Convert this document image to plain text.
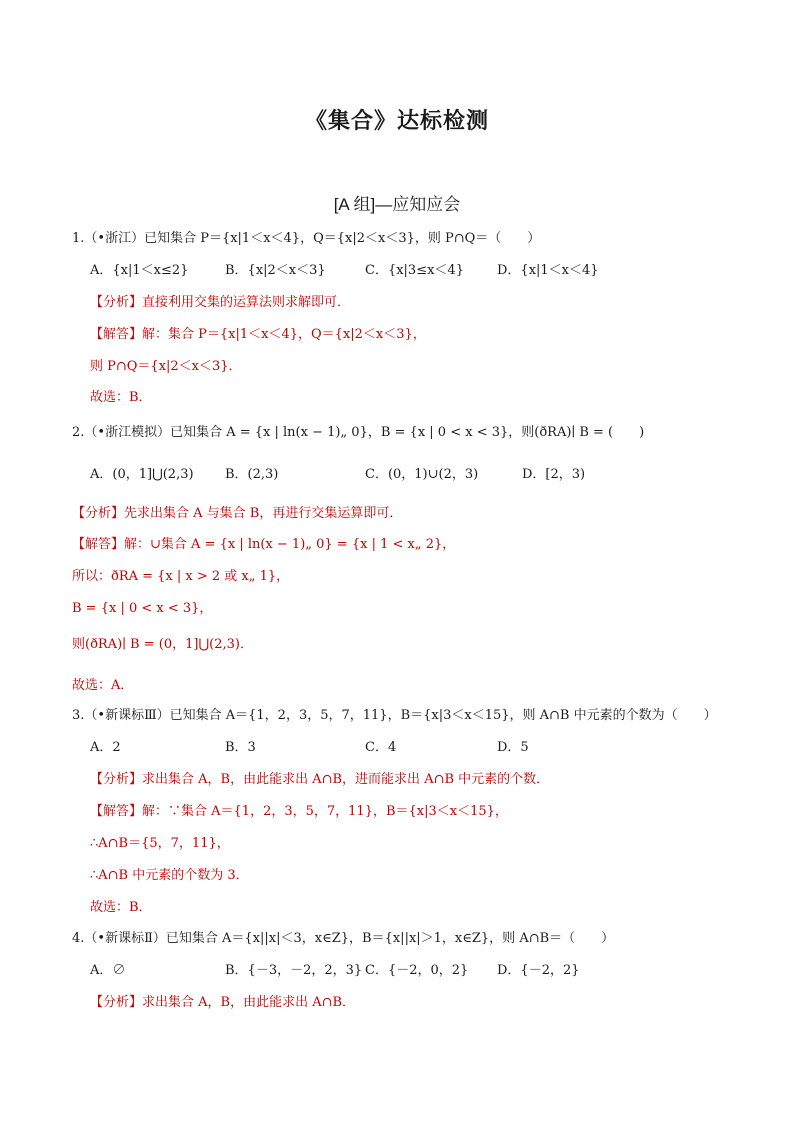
《集合》达标检测
[A 组]—应知应会
1.（•浙江）已知集合 P＝{x|1＜x＜4}，Q＝{x|2＜x＜3}，则 P∩Q＝（　　）
A．{x|1＜x≤2}	B．{x|2＜x＜3}	C．{x|3≤x＜4}	D．{x|1＜x＜4}
【分析】直接利用交集的运算法则求解即可．
【解答】解：集合 P＝{x|1＜x＜4}，Q＝{x|2＜x＜3}，
则 P∩Q＝{x|2＜x＜3}．
故选：B．
2.（•浙江模拟）已知集合 A = {x | ln(x − 1)„ 0}，B = {x | 0 < x < 3}，则(ðRA)∣ B = (　　)
A．(0，1]⋃(2,3) B．(2,3)	C．(0，1)∪(2，3)	D．[2，3)
【分析】先求出集合 A 与集合 B，再进行交集运算即可．
【解答】解：∪集合 A = {x | ln(x − 1)„ 0} = {x | 1 < x„ 2}，
所以：ðRA = {x | x > 2 或 x„ 1}，
B = {x | 0 < x < 3}，
则(ðRA)∣ B = (0，1]⋃(2,3)．
故选：A．
3.（•新课标Ⅲ）已知集合 A＝{1，2，3，5，7，11}，B＝{x|3＜x＜15}，则 A∩B 中元素的个数为（　　）
A．2	B．3	C．4	D．5
【分析】求出集合 A，B，由此能求出 A∩B，进而能求出 A∩B 中元素的个数．
【解答】解：∵集合 A＝{1，2，3，5，7，11}，B＝{x|3＜x＜15}，
∴A∩B＝{5，7，11}，
∴A∩B 中元素的个数为 3．
故选：B．
4.（•新课标Ⅱ）已知集合 A＝{x||x|＜3，x∈Z}，B＝{x||x|＞1，x∈Z}，则 A∩B＝（　　）
A．∅	B．{－3，－2，2，3} C．{－2，0，2} D．{－2，2}
【分析】求出集合 A，B，由此能求出 A∩B．
